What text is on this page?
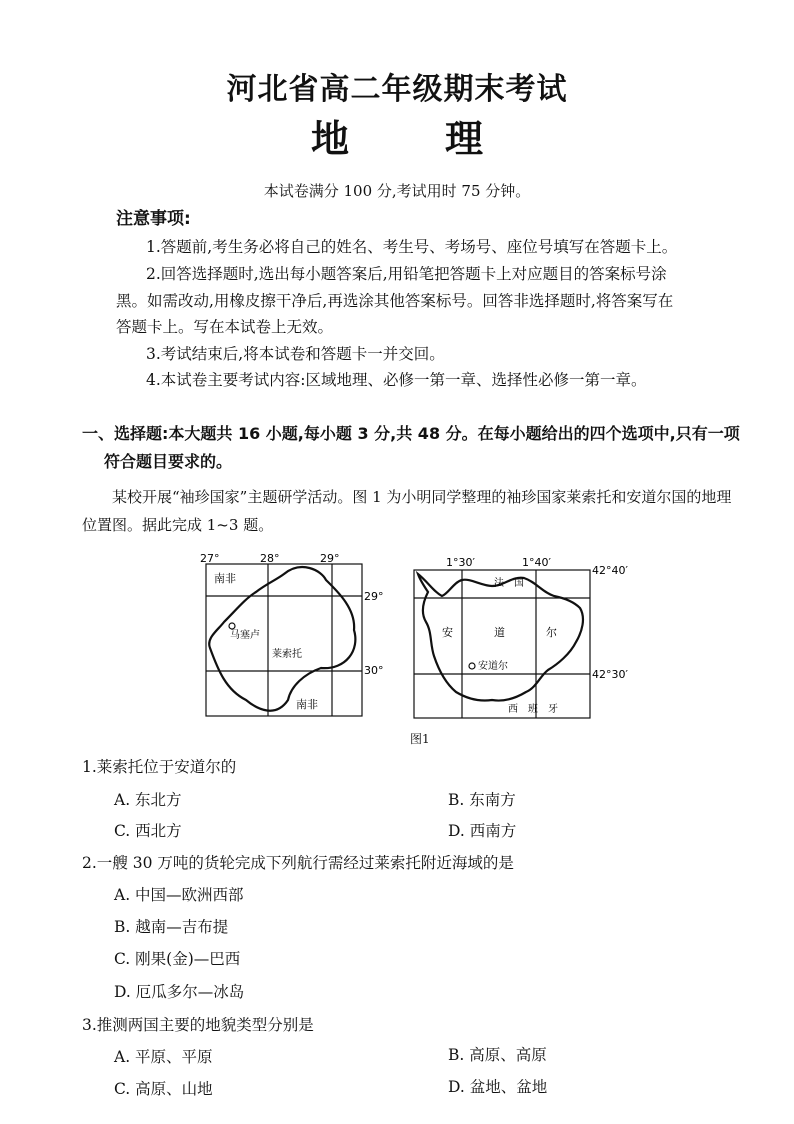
河北省高二年级期末考试
地理
本试卷满分 100 分,考试用时 75 分钟。
注意事项:
1.答题前,考生务必将自己的姓名、考生号、考场号、座位号填写在答题卡上。
2.回答选择题时,选出每小题答案后,用铅笔把答题卡上对应题目的答案标号涂
黑。如需改动,用橡皮擦干净后,再选涂其他答案标号。回答非选择题时,将答案写在
答题卡上。写在本试卷上无效。
3.考试结束后,将本试卷和答题卡一并交回。
4.本试卷主要考试内容:区域地理、必修一第一章、选择性必修一第一章。
一、选择题:本大题共 16 小题,每小题 3 分,共 48 分。在每小题给出的四个选项中,只有一项
符合题目要求的。
某校开展“袖珍国家”主题研学活动。图 1 为小明同学整理的袖珍国家莱索托和安道尔国的地理位置图。据此完成 1~3 题。
南非
南非
马塞卢
莱索托
27°	28°	29°
29°
30°
法　国
安	道	尔
安道尔
西　班　牙
1°30′	1°40′
42°40′
42°30′
图1
1.莱索托位于安道尔的
A. 东北方	B. 东南方
C. 西北方	D. 西南方
2.一艘 30 万吨的货轮完成下列航行需经过莱索托附近海域的是
A. 中国—欧洲西部
B. 越南—吉布提
C. 刚果(金)—巴西
D. 厄瓜多尔—冰岛
3.推测两国主要的地貌类型分别是
A. 平原、平原	B. 高原、高原
C. 高原、山地	D. 盆地、盆地
